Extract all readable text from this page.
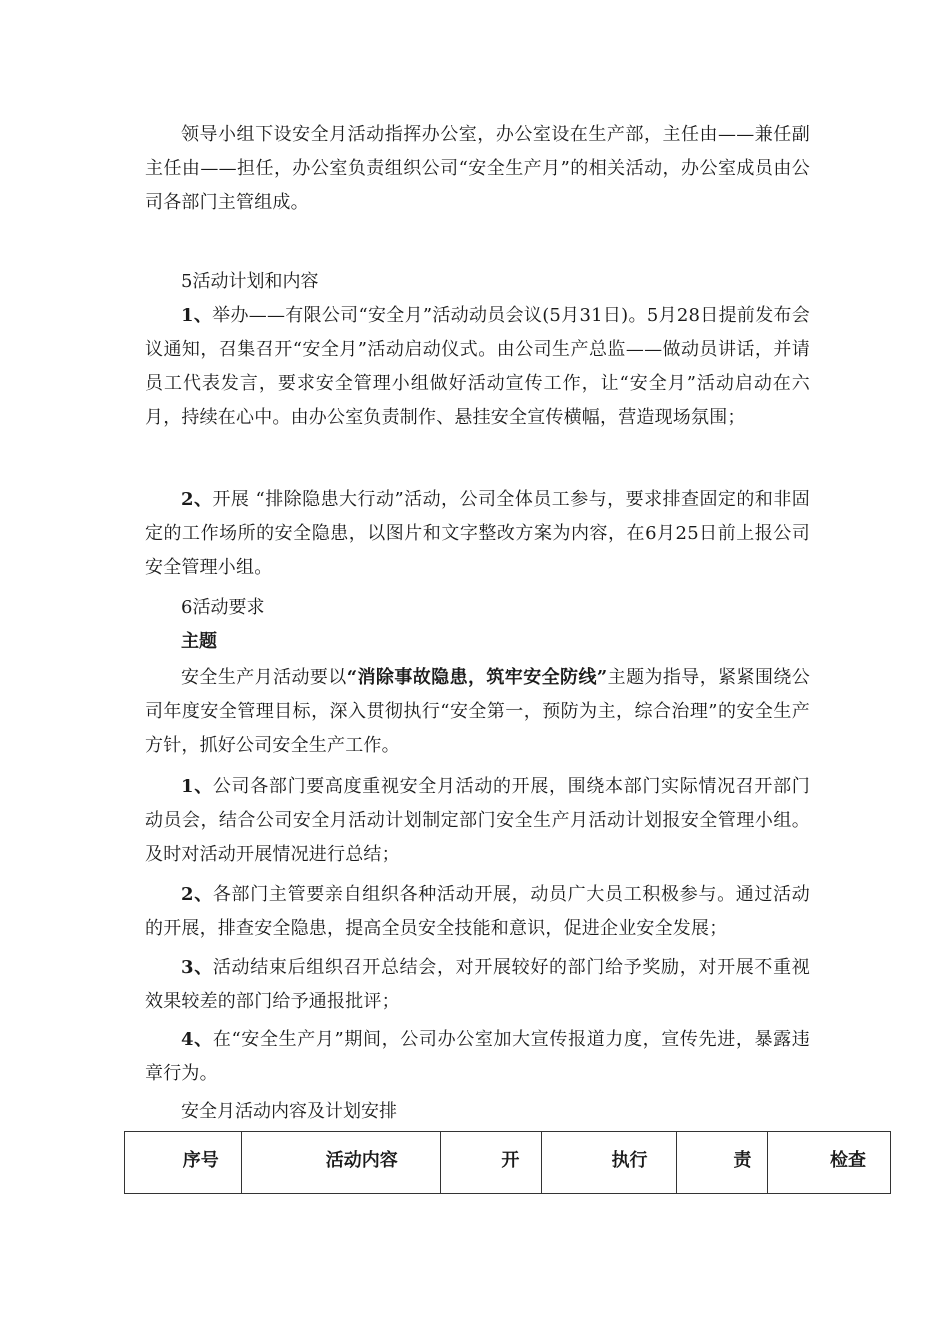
领导小组下设安全月活动指挥办公室，办公室设在生产部，主任由——兼任副主任由——担任，办公室负责组织公司“安全生产月”的相关活动，办公室成员由公司各部门主管组成。

5活动计划和内容

1、举办——有限公司“安全月”活动动员会议(5月31日)。5月28日提前发布会议通知，召集召开“安全月”活动启动仪式。由公司生产总监——做动员讲话，并请员工代表发言，要求安全管理小组做好活动宣传工作，让“安全月”活动启动在六月，持续在心中。由办公室负责制作、悬挂安全宣传横幅，营造现场氛围；

2、开展 “排除隐患大行动”活动，公司全体员工参与，要求排查固定的和非固定的工作场所的安全隐患，以图片和文字整改方案为内容，在6月25日前上报公司安全管理小组。

6活动要求

主题

安全生产月活动要以“消除事故隐患，筑牢安全防线”主题为指导，紧紧围绕公司年度安全管理目标，深入贯彻执行“安全第一，预防为主，综合治理”的安全生产方针，抓好公司安全生产工作。

1、公司各部门要高度重视安全月活动的开展，围绕本部门实际情况召开部门动员会，结合公司安全月活动计划制定部门安全生产月活动计划报安全管理小组。及时对活动开展情况进行总结；

2、各部门主管要亲自组织各种活动开展，动员广大员工积极参与。通过活动的开展，排查安全隐患，提高全员安全技能和意识，促进企业安全发展；

3、活动结束后组织召开总结会，对开展较好的部门给予奖励，对开展不重视效果较差的部门给予通报批评；

4、在“安全生产月”期间，公司办公室加大宣传报道力度，宣传先进，暴露违章行为。

安全月活动内容及计划安排

序号	活动内容	开	执行	责	检查
